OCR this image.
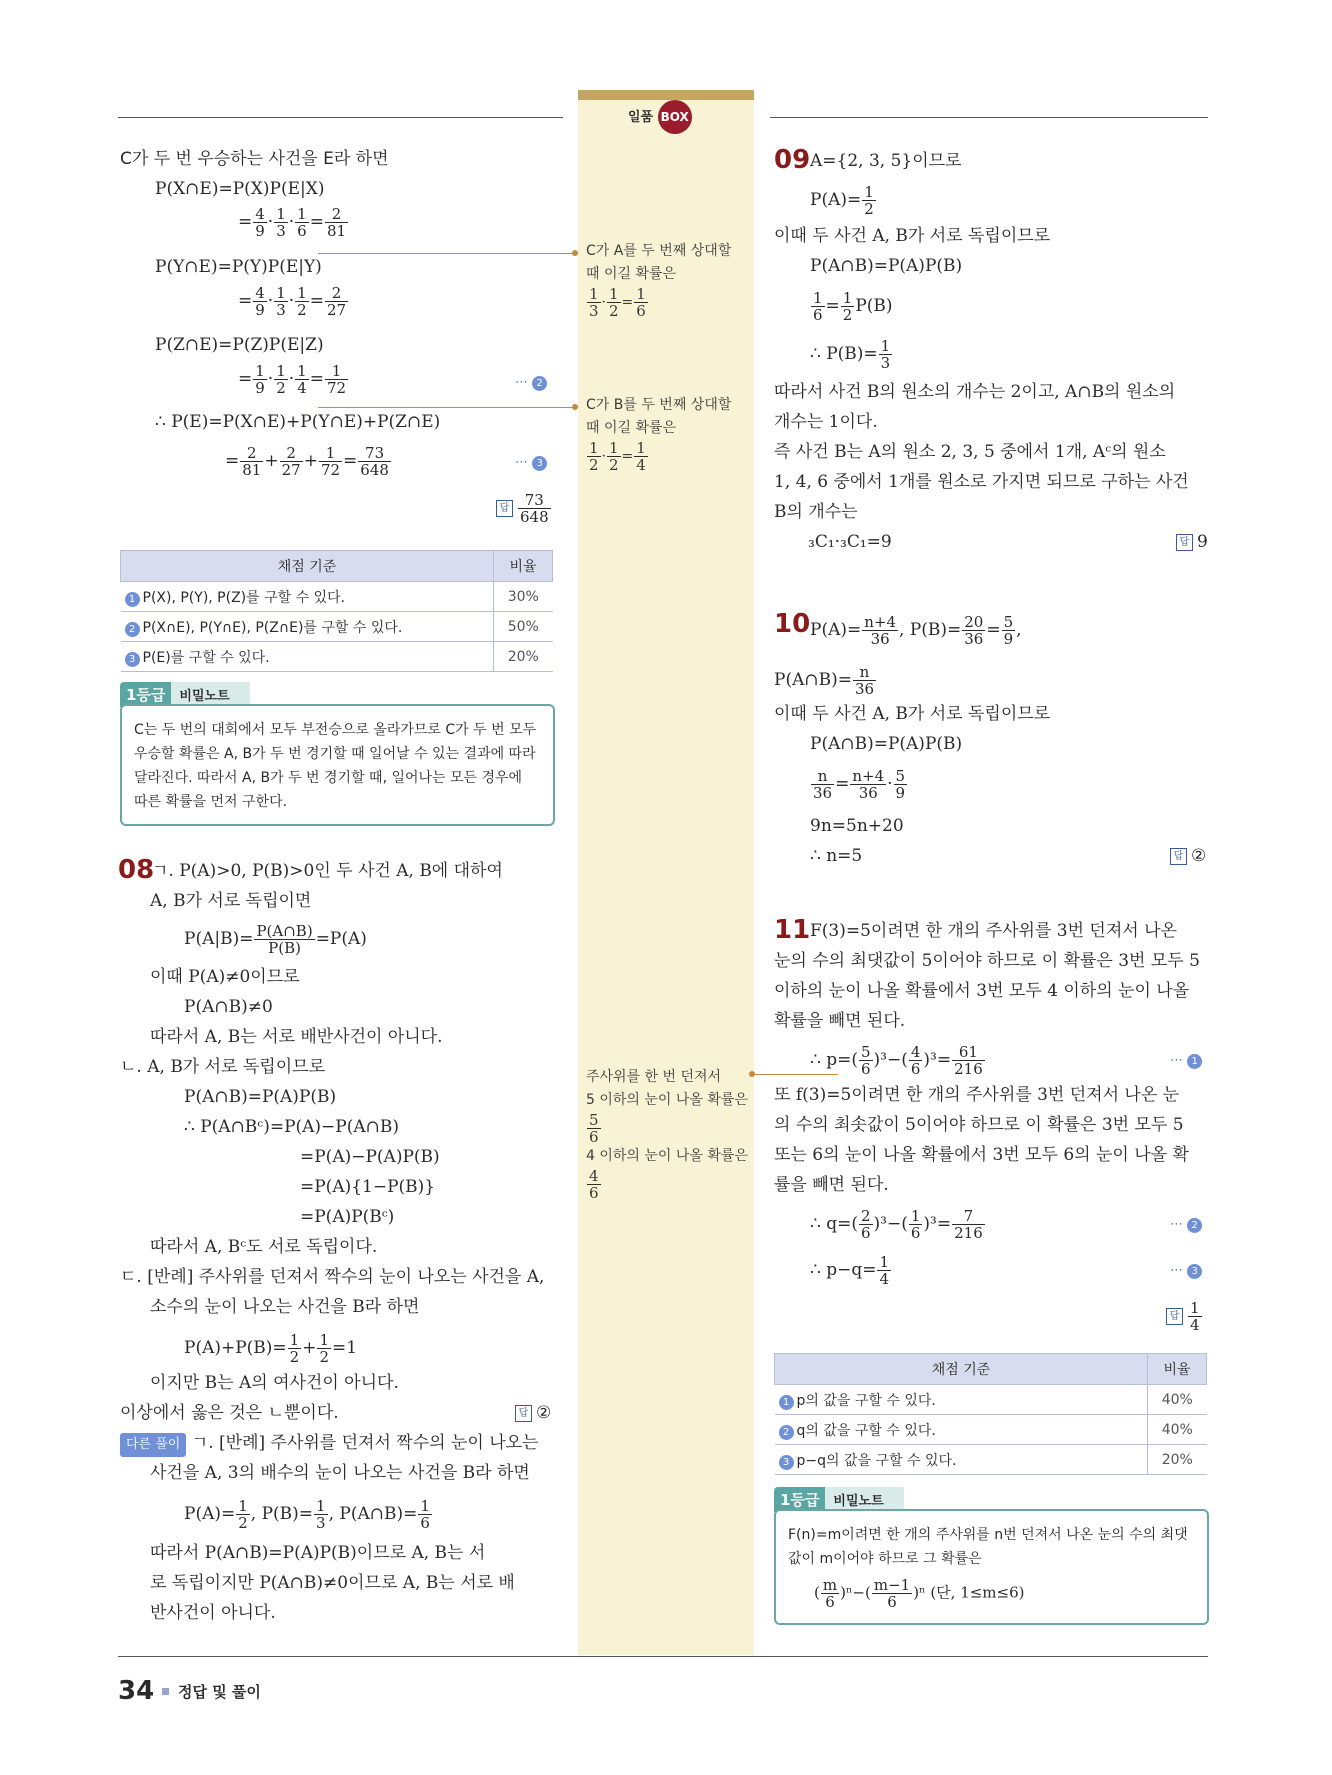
일품 BOX
C가 두 번 우승하는 사건을 E라 하면
P(X∩E)=P(X)P(E|X)
= $\frac{4}{9} \cdot \frac{1}{3} \cdot \frac{1}{6} = \frac{2}{81}$
P(Y∩E)=P(Y)P(E|Y)
= $\frac{4}{9} \cdot \frac{1}{3} \cdot \frac{1}{2} = \frac{2}{27}$
P(Z∩E)=P(Z)P(E|Z)
= $\frac{1}{9} \cdot \frac{1}{2} \cdot \frac{1}{4} = \frac{1}{72}$	⋯ 2
∴ P(E)=P(X∩E)+P(Y∩E)+P(Z∩E)
= $\frac{2}{81} + \frac{2}{27} + \frac{1}{72} = \frac{73}{648}$	⋯ 3
답 $\frac{73}{648}$
채점 기준	비율
1 P(X), P(Y), P(Z)를 구할 수 있다.	30%
2 P(X∩E), P(Y∩E), P(Z∩E)를 구할 수 있다.	50%
3 P(E)를 구할 수 있다.	20%
1등급 비밀노트
C는 두 번의 대회에서 모두 부전승으로 올라가므로 C가 두 번 모두 우승할 확률은 A, B가 두 번 경기할 때 일어날 수 있는 결과에 따라 달라진다. 따라서 A, B가 두 번 경기할 때, 일어나는 모든 경우에 따른 확률을 먼저 구한다.
08
ㄱ. P(A)>0, P(B)>0인 두 사건 A, B에 대하여
A, B가 서로 독립이면
$P(A|B)= \frac{P(A\cap B)}{P(B)} =P(A)$
이때 P(A)≠0이므로
P(A∩B)≠0
따라서 A, B는 서로 배반사건이 아니다.
ㄴ. A, B가 서로 독립이므로
P(A∩B)=P(A)P(B)
∴ P(A∩Bᶜ)=P(A)−P(A∩B)
=P(A)−P(A)P(B)
=P(A){1−P(B)}
=P(A)P(Bᶜ)
따라서 A, Bᶜ도 서로 독립이다.
ㄷ. [반례] 주사위를 던져서 짝수의 눈이 나오는 사건을 A,
소수의 눈이 나오는 사건을 B라 하면
$P(A)+P(B)= \frac{1}{2} + \frac{1}{2} =1$
이지만 B는 A의 여사건이 아니다.
이상에서 옳은 것은 ㄴ뿐이다.	답 ②
다른 풀이 ㄱ. [반례] 주사위를 던져서 짝수의 눈이 나오는
사건을 A, 3의 배수의 눈이 나오는 사건을 B라 하면
$P(A)= \frac{1}{2}$ , $P(B)= \frac{1}{3}$ , P(A∩B)= $\frac{1}{6}$
따라서 P(A∩B)=P(A)P(B)이므로 A, B는 서
로 독립이지만 P(A∩B)≠0이므로 A, B는 서로 배
반사건이 아니다.
C가 A를 두 번째 상대할
때 이길 확률은
$\frac{1}{3} \cdot \frac{1}{2} = \frac{1}{6}$
C가 B를 두 번째 상대할
때 이길 확률은
$\frac{1}{2} \cdot \frac{1}{2} = \frac{1}{4}$
주사위를 한 번 던져서
5 이하의 눈이 나올 확률은
$\frac{5}{6}$
4 이하의 눈이 나올 확률은
$\frac{4}{6}$
09 A={2, 3, 5}이므로
$P(A)= \frac{1}{2}$
이때 두 사건 A, B가 서로 독립이므로
P(A∩B)=P(A)P(B)
$\frac{1}{6} = \frac{1}{2} P(B)$
∴ $P(B)= \frac{1}{3}$
따라서 사건 B의 원소의 개수는 2이고, A∩B의 원소의
개수는 1이다.
즉 사건 B는 A의 원소 2, 3, 5 중에서 1개, Aᶜ의 원소
1, 4, 6 중에서 1개를 원소로 가지면 되므로 구하는 사건
B의 개수는
₃C₁·₃C₁=9	답 9
10 $P(A)= \frac{n+4}{36}$ , $P(B)= \frac{20}{36} = \frac{5}{9}$ ,
P(A∩B)= $\frac{n}{36}$
이때 두 사건 A, B가 서로 독립이므로
P(A∩B)=P(A)P(B)
$\frac{n}{36} = \frac{n+4}{36} \cdot \frac{5}{9}$
9n=5n+20
∴ n=5	답 ②
11 F(3)=5이려면 한 개의 주사위를 3번 던져서 나온
눈의 수의 최댓값이 5이어야 하므로 이 확률은 3번 모두 5
이하의 눈이 나올 확률에서 3번 모두 4 이하의 눈이 나올
확률을 빼면 된다.
∴ $p=( \frac{5}{6} )^3-( \frac{4}{6} )^3= \frac{61}{216}$	⋯ 1
또 f(3)=5이려면 한 개의 주사위를 3번 던져서 나온 눈
의 수의 최솟값이 5이어야 하므로 이 확률은 3번 모두 5
또는 6의 눈이 나올 확률에서 3번 모두 6의 눈이 나올 확
률을 빼면 된다.
∴ $q=( \frac{2}{6} )^3-( \frac{1}{6} )^3= \frac{7}{216}$	⋯ 2
∴ $p-q= \frac{1}{4}$	⋯ 3
답 $\frac{1}{4}$
채점 기준	비율
1 p의 값을 구할 수 있다.	40%
2 q의 값을 구할 수 있다.	40%
3 p−q의 값을 구할 수 있다.	20%
1등급 비밀노트
F(n)=m이려면 한 개의 주사위를 n번 던져서 나온 눈의 수의 최댓값이 m이어야 하므로 그 확률은
( $\frac{m}{6} )^n-( \frac{m-1}{6} )^n$ (단, 1≤m≤6)
34 정답 및 풀이
